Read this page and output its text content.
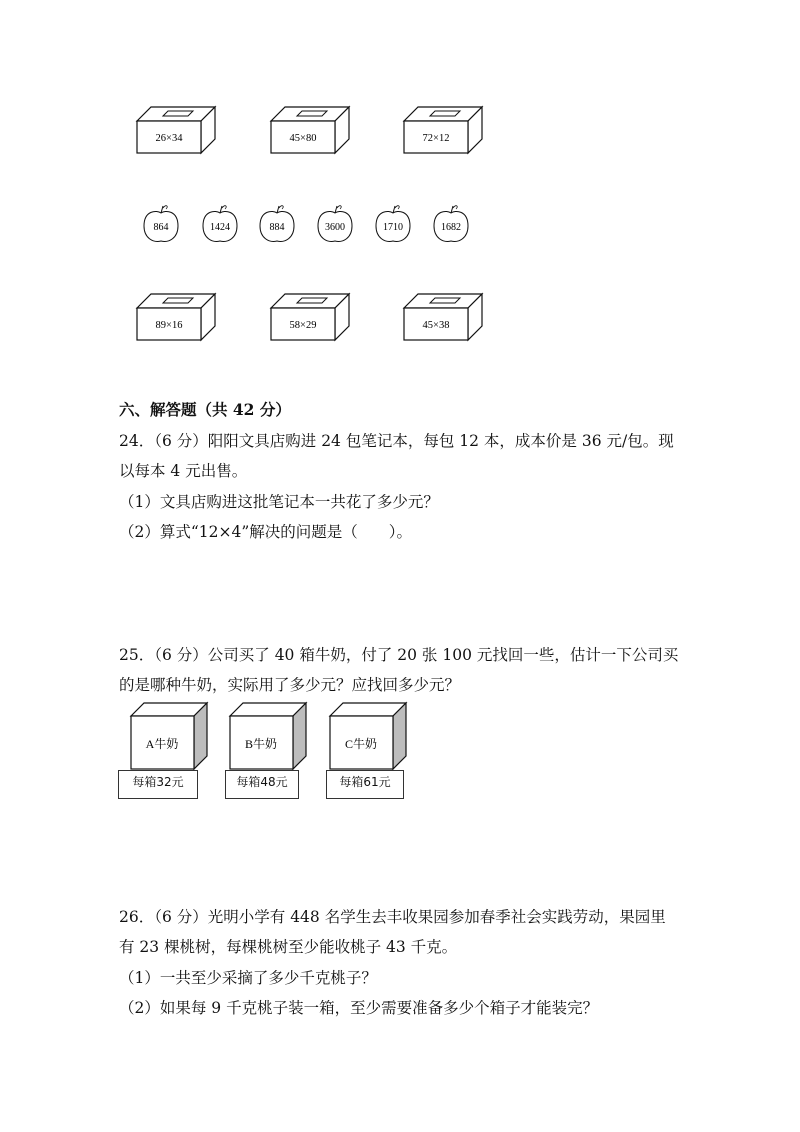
26×34	45×80	72×12
864	1424	884	3600	1710	1682
89×16	58×29	45×38
六、解答题（共 42 分）
24．（6 分）阳阳文具店购进 24 包笔记本，每包 12 本，成本价是 36 元/包。现
以每本 4 元出售。
（1）文具店购进这批笔记本一共花了多少元？
（2）算式“12×4”解决的问题是（　　）。
25．（6 分）公司买了 40 箱牛奶，付了 20 张 100 元找回一些，估计一下公司买
的是哪种牛奶，实际用了多少元？应找回多少元？
A牛奶	B牛奶	C牛奶
每箱32元	每箱48元	每箱61元
26．（6 分）光明小学有 448 名学生去丰收果园参加春季社会实践劳动，果园里
有 23 棵桃树，每棵桃树至少能收桃子 43 千克。
（1）一共至少采摘了多少千克桃子？
（2）如果每 9 千克桃子装一箱，至少需要准备多少个箱子才能装完？
